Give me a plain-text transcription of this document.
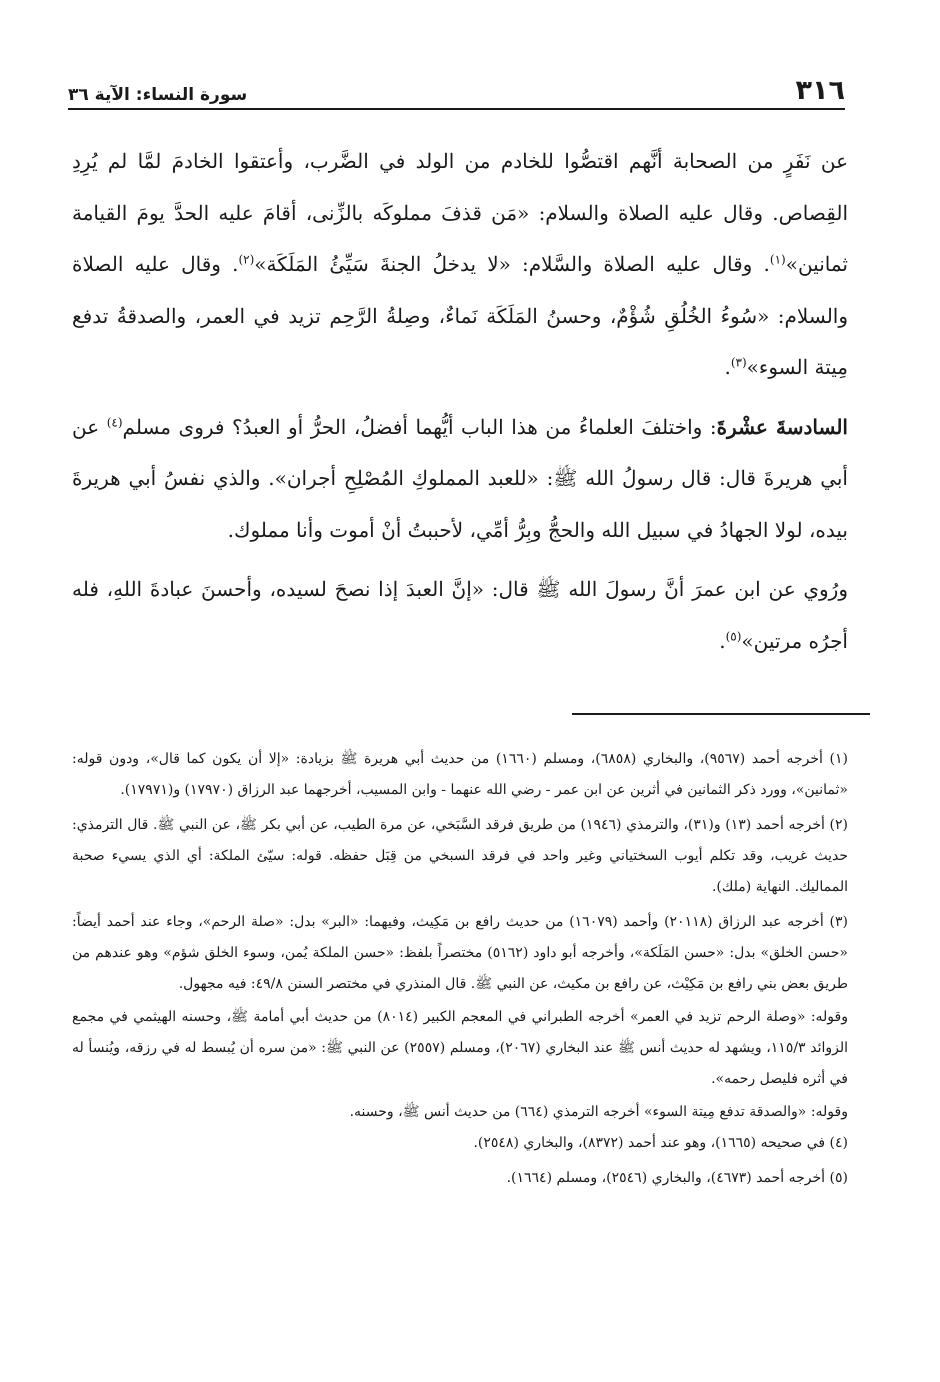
٣١٦
سورة النساء: الآية ٣٦

عن نَفَرٍ من الصحابة أنَّهم اقتصُّوا للخادم من الولد في الضَّرب، وأعتقوا الخادمَ لمَّا لم يُرِدِ القِصاص. وقال عليه الصلاة والسلام: «مَن قذفَ مملوكَه بالزِّنى، أقامَ عليه الحدَّ يومَ القيامة ثمانين»$^{(١)}$. وقال عليه الصلاة والسَّلام: «لا يدخلُ الجنةَ سَيِّئُ المَلَكَة»$^{(٢)}$. وقال عليه الصلاة والسلام: «سُوءُ الخُلُقِ شُؤْمٌ، وحسنُ المَلَكَة نَماءٌ، وصِلةُ الرَّحِم تزيد في العمر، والصدقةُ تدفع مِيتة السوء»$^{(٣)}$.

السادسةَ عشْرةَ: واختلفَ العلماءُ من هذا الباب أيُّهما أفضلُ، الحرُّ أو العبدُ؟ فروى مسلم$^{(٤)}$ عن أبي هريرةَ قال: قال رسولُ الله ﷺ: «للعبد المملوكِ المُصْلِحِ أجران». والذي نفسُ أبي هريرةَ بيده، لولا الجهادُ في سبيل الله والحجُّ وبِرُّ أمِّي، لأحببتُ أنْ أموت وأنا مملوك.

ورُوي عن ابن عمرَ أنَّ رسولَ الله ﷺ قال: «إنَّ العبدَ إذا نصحَ لسيده، وأحسنَ عبادةَ اللهِ، فله أجرُه مرتين»$^{(٥)}$.

(١) أخرجه أحمد (٩٥٦٧)، والبخاري (٦٨٥٨)، ومسلم (١٦٦٠) من حديث أبي هريرة ﷺ بزيادة: «إلا أن يكون كما قال»، ودون قوله: «ثمانين»، وورد ذكر الثمانين في أثرين عن ابن عمر - رضي الله عنهما - وابن المسيب، أخرجهما عبد الرزاق (١٧٩٧٠) و(١٧٩٧١).

(٢) أخرجه أحمد (١٣) و(٣١)، والترمذي (١٩٤٦) من طريق فرقد السَّبَخي، عن مرة الطيب، عن أبي بكر ﷺ، عن النبي ﷺ. قال الترمذي: حديث غريب، وقد تكلم أيوب السختياني وغير واحد في فرقد السبخي من قِبَل حفظه. قوله: سيّئ الملكة: أي الذي يسيء صحبة المماليك. النهاية (ملك).

(٣) أخرجه عبد الرزاق (٢٠١١٨) وأحمد (١٦٠٧٩) من حديث رافع بن مَكِيث، وفيهما: «البر» بدل: «صلة الرحم»، وجاء عند أحمد أيضاً: «حسن الخلق» بدل: «حسن المَلَكة»، وأخرجه أبو داود (٥١٦٢) مختصراً بلفظ: «حسن الملكة يُمن، وسوء الخلق شؤم» وهو عندهم من طريق بعض بني رافع بن مَكِيْث، عن رافع بن مكيث، عن النبي ﷺ. قال المنذري في مختصر السنن ٤٩/٨: فيه مجهول.

وقوله: «وصلة الرحم تزيد في العمر» أخرجه الطبراني في المعجم الكبير (٨٠١٤) من حديث أبي أمامة ﷺ، وحسنه الهيثمي في مجمع الزوائد ١١٥/٣، ويشهد له حديث أنس ﷺ عند البخاري (٢٠٦٧)، ومسلم (٢٥٥٧) عن النبي ﷺ: «من سره أن يُبسط له في رزقه، ويُنسأ له في أثره فليصل رحمه».

وقوله: «والصدقة تدفع مِيتة السوء» أخرجه الترمذي (٦٦٤) من حديث أنس ﷺ، وحسنه.

(٤) في صحيحه (١٦٦٥)، وهو عند أحمد (٨٣٧٢)، والبخاري (٢٥٤٨).

(٥) أخرجه أحمد (٤٦٧٣)، والبخاري (٢٥٤٦)، ومسلم (١٦٦٤).
